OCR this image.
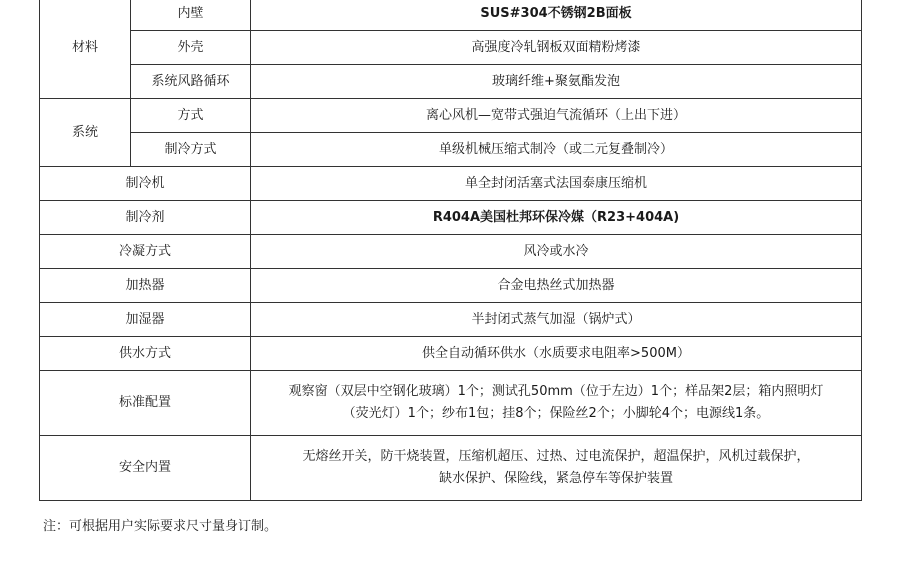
材料	内壁	SUS#304不锈钢2B面板
	外壳	高强度冷轧钢板双面精粉烤漆
	系统风路循环	玻璃纤维+聚氨酯发泡
系统	方式	离心风机—宽带式强迫气流循环（上出下进）
	制冷方式	单级机械压缩式制冷（或二元复叠制冷）
制冷机		单全封闭活塞式法国泰康压缩机
制冷剂		R404A美国杜邦环保冷媒（R23+404A)
冷凝方式		风冷或水冷
加热器		合金电热丝式加热器
加湿器		半封闭式蒸气加湿（锅炉式）
供水方式		供全自动循环供水（水质要求电阻率>500M）
标准配置		观察窗（双层中空钢化玻璃）1个；测试孔50mm（位于左边）1个；样品架2层；箱内照明灯
（荧光灯）1个；纱布1包；挂8个；保险丝2个；小脚轮4个；电源线1条。

安全内置		无熔丝开关，防干烧装置，压缩机超压、过热、过电流保护，超温保护，风机过载保护，
缺水保护、保险线，紧急停车等保护装置
注：可根据用户实际要求尺寸量身订制。
